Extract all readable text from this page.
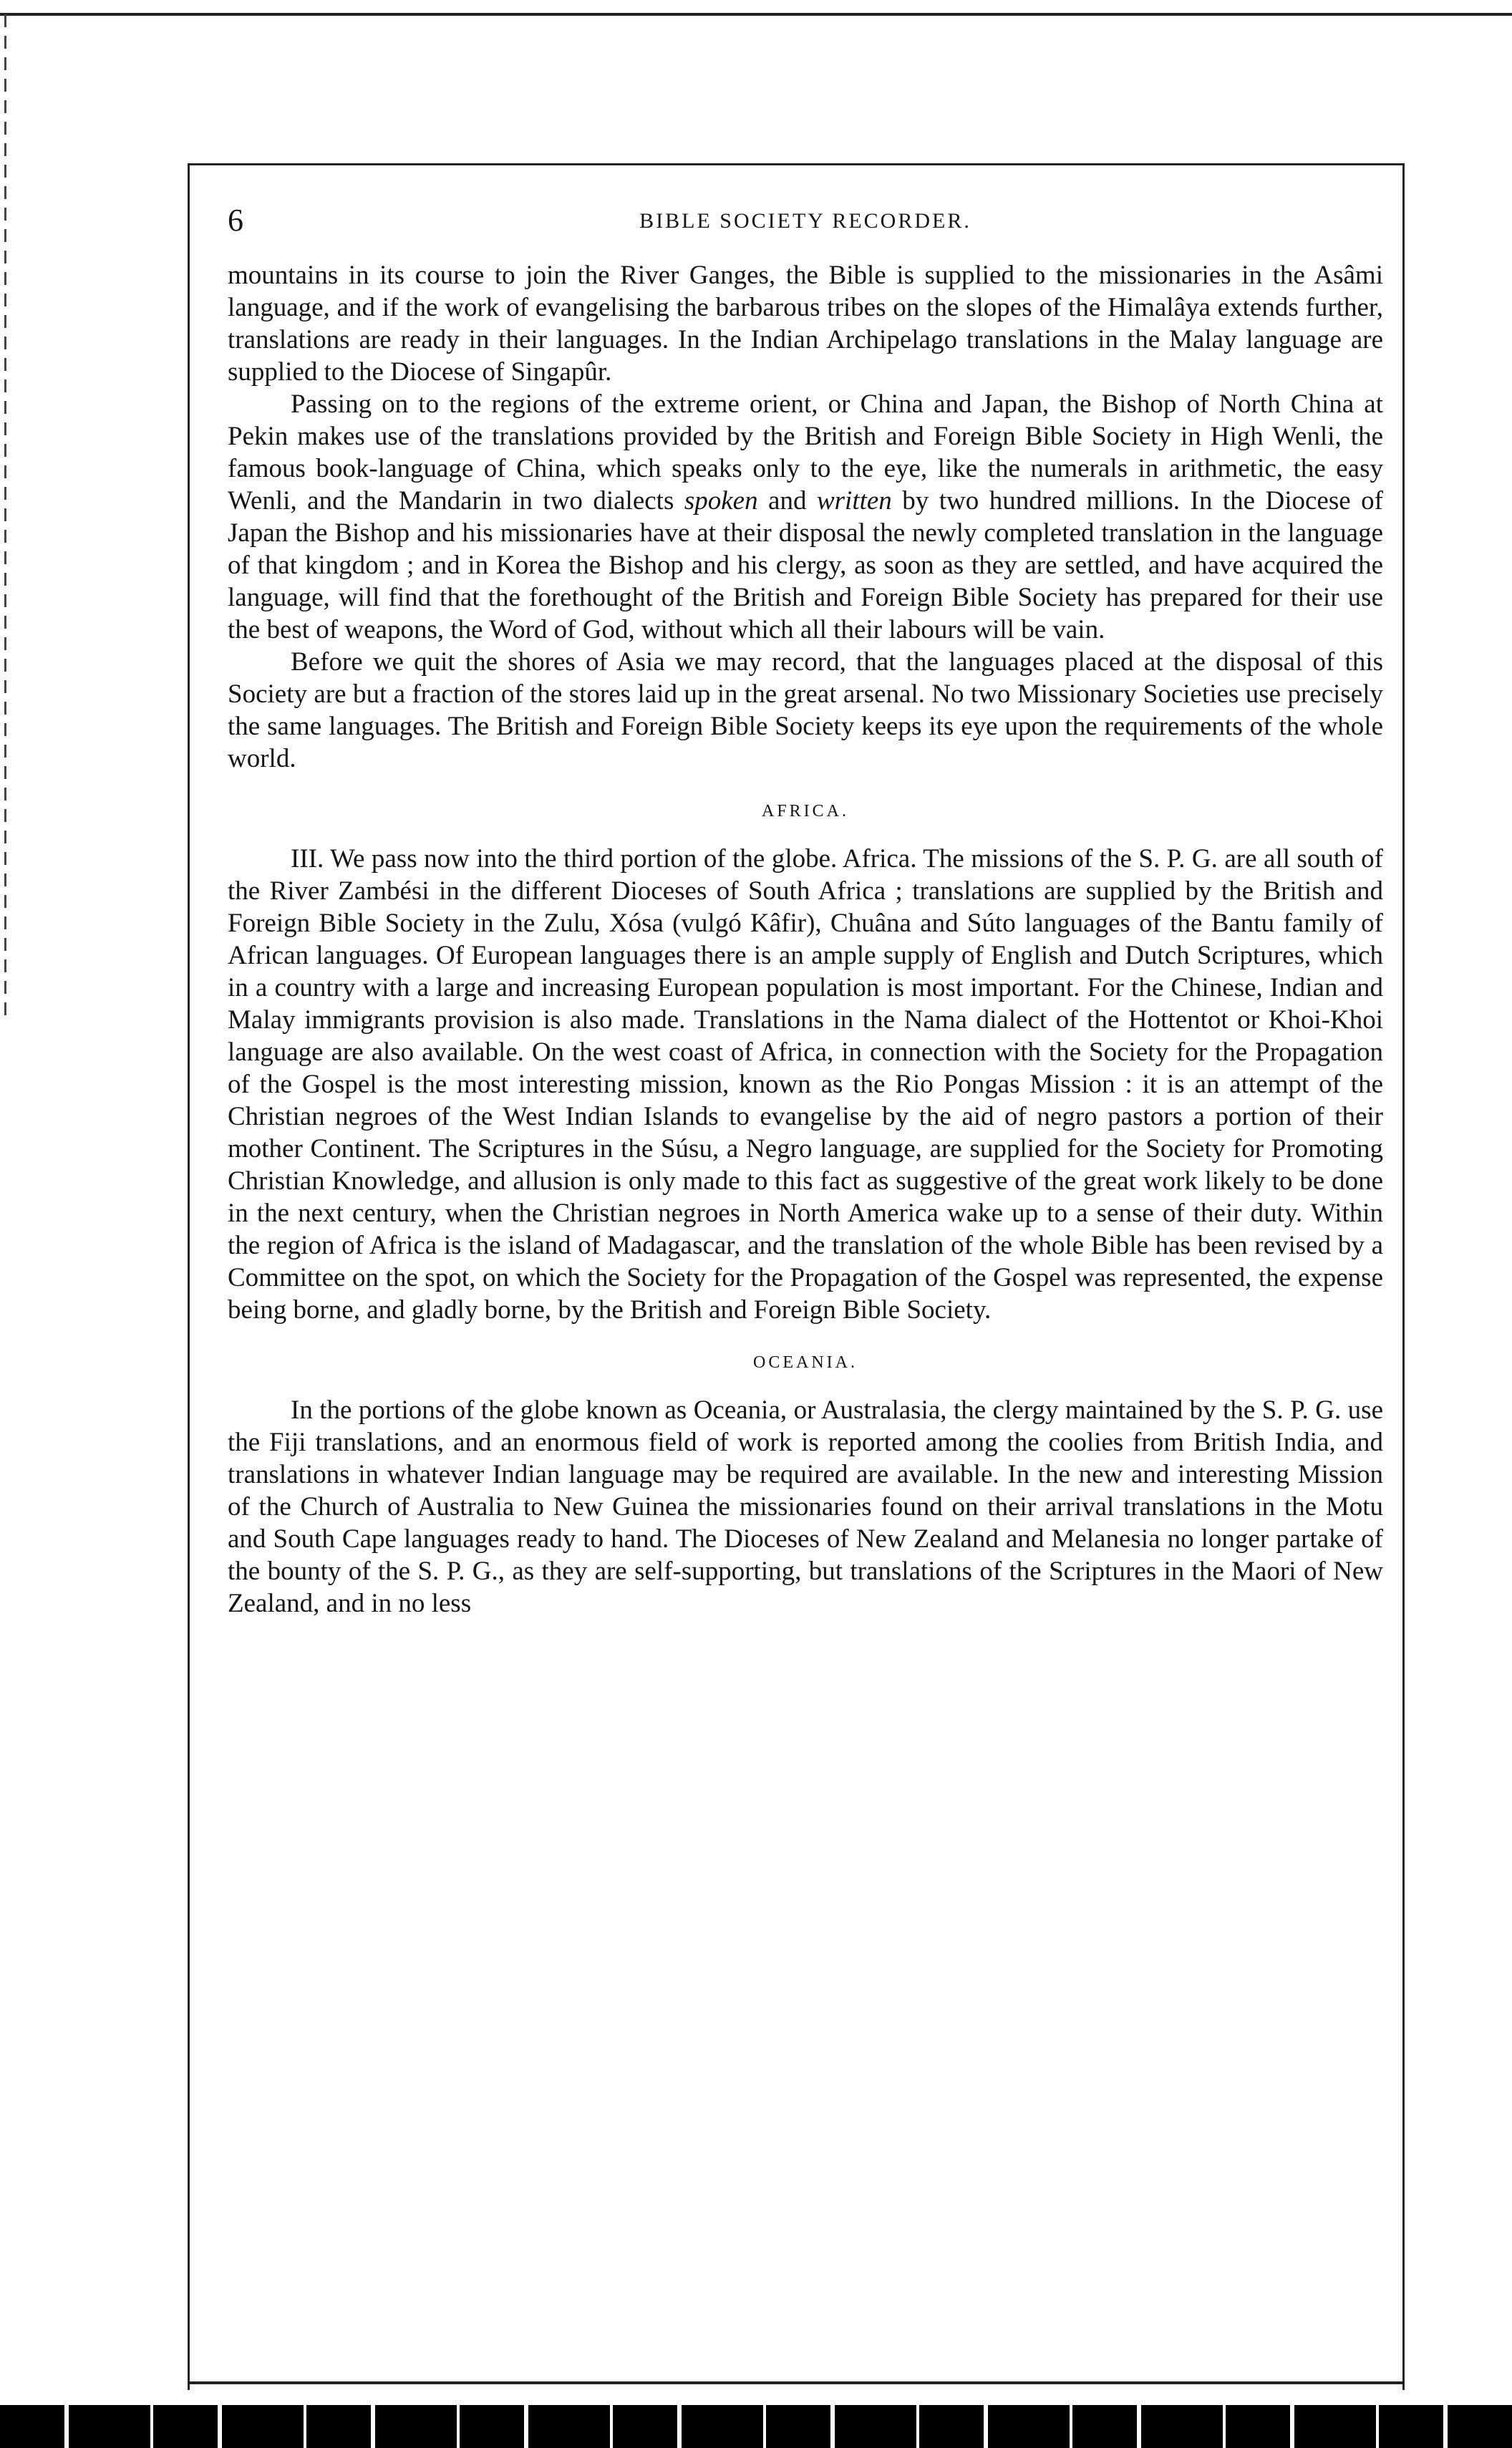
6	BIBLE SOCIETY RECORDER.

mountains in its course to join the River Ganges, the Bible is supplied to the missionaries in the Asâmi language, and if the work of evangelising the barbarous tribes on the slopes of the Himalâya extends further, translations are ready in their languages. In the Indian Archipelago translations in the Malay language are supplied to the Diocese of Singapûr.

Passing on to the regions of the extreme orient, or China and Japan, the Bishop of North China at Pekin makes use of the translations provided by the British and Foreign Bible Society in High Wenli, the famous book-language of China, which speaks only to the eye, like the numerals in arithmetic, the easy Wenli, and the Mandarin in two dialects spoken and written by two hundred millions. In the Diocese of Japan the Bishop and his missionaries have at their disposal the newly completed translation in the language of that kingdom ; and in Korea the Bishop and his clergy, as soon as they are settled, and have acquired the language, will find that the forethought of the British and Foreign Bible Society has prepared for their use the best of weapons, the Word of God, without which all their labours will be vain.

Before we quit the shores of Asia we may record, that the languages placed at the disposal of this Society are but a fraction of the stores laid up in the great arsenal. No two Missionary Societies use precisely the same languages. The British and Foreign Bible Society keeps its eye upon the requirements of the whole world.

AFRICA.

III. We pass now into the third portion of the globe. Africa. The missions of the S. P. G. are all south of the River Zambési in the different Dioceses of South Africa ; translations are supplied by the British and Foreign Bible Society in the Zulu, Xósa (vulgó Kâfir), Chuâna and Súto languages of the Bantu family of African languages. Of European languages there is an ample supply of English and Dutch Scriptures, which in a country with a large and increasing European population is most important. For the Chinese, Indian and Malay immigrants provision is also made. Translations in the Nama dialect of the Hottentot or Khoi-Khoi language are also available. On the west coast of Africa, in connection with the Society for the Propagation of the Gospel is the most interesting mission, known as the Rio Pongas Mission : it is an attempt of the Christian negroes of the West Indian Islands to evangelise by the aid of negro pastors a portion of their mother Continent. The Scriptures in the Súsu, a Negro language, are supplied for the Society for Promoting Christian Knowledge, and allusion is only made to this fact as suggestive of the great work likely to be done in the next century, when the Christian negroes in North America wake up to a sense of their duty. Within the region of Africa is the island of Madagascar, and the translation of the whole Bible has been revised by a Committee on the spot, on which the Society for the Propagation of the Gospel was represented, the expense being borne, and gladly borne, by the British and Foreign Bible Society.

OCEANIA.

In the portions of the globe known as Oceania, or Australasia, the clergy maintained by the S. P. G. use the Fiji translations, and an enormous field of work is reported among the coolies from British India, and translations in whatever Indian language may be required are available. In the new and interesting Mission of the Church of Australia to New Guinea the missionaries found on their arrival translations in the Motu and South Cape languages ready to hand. The Dioceses of New Zealand and Melanesia no longer partake of the bounty of the S. P. G., as they are self-supporting, but translations of the Scriptures in the Maori of New Zealand, and in no less
